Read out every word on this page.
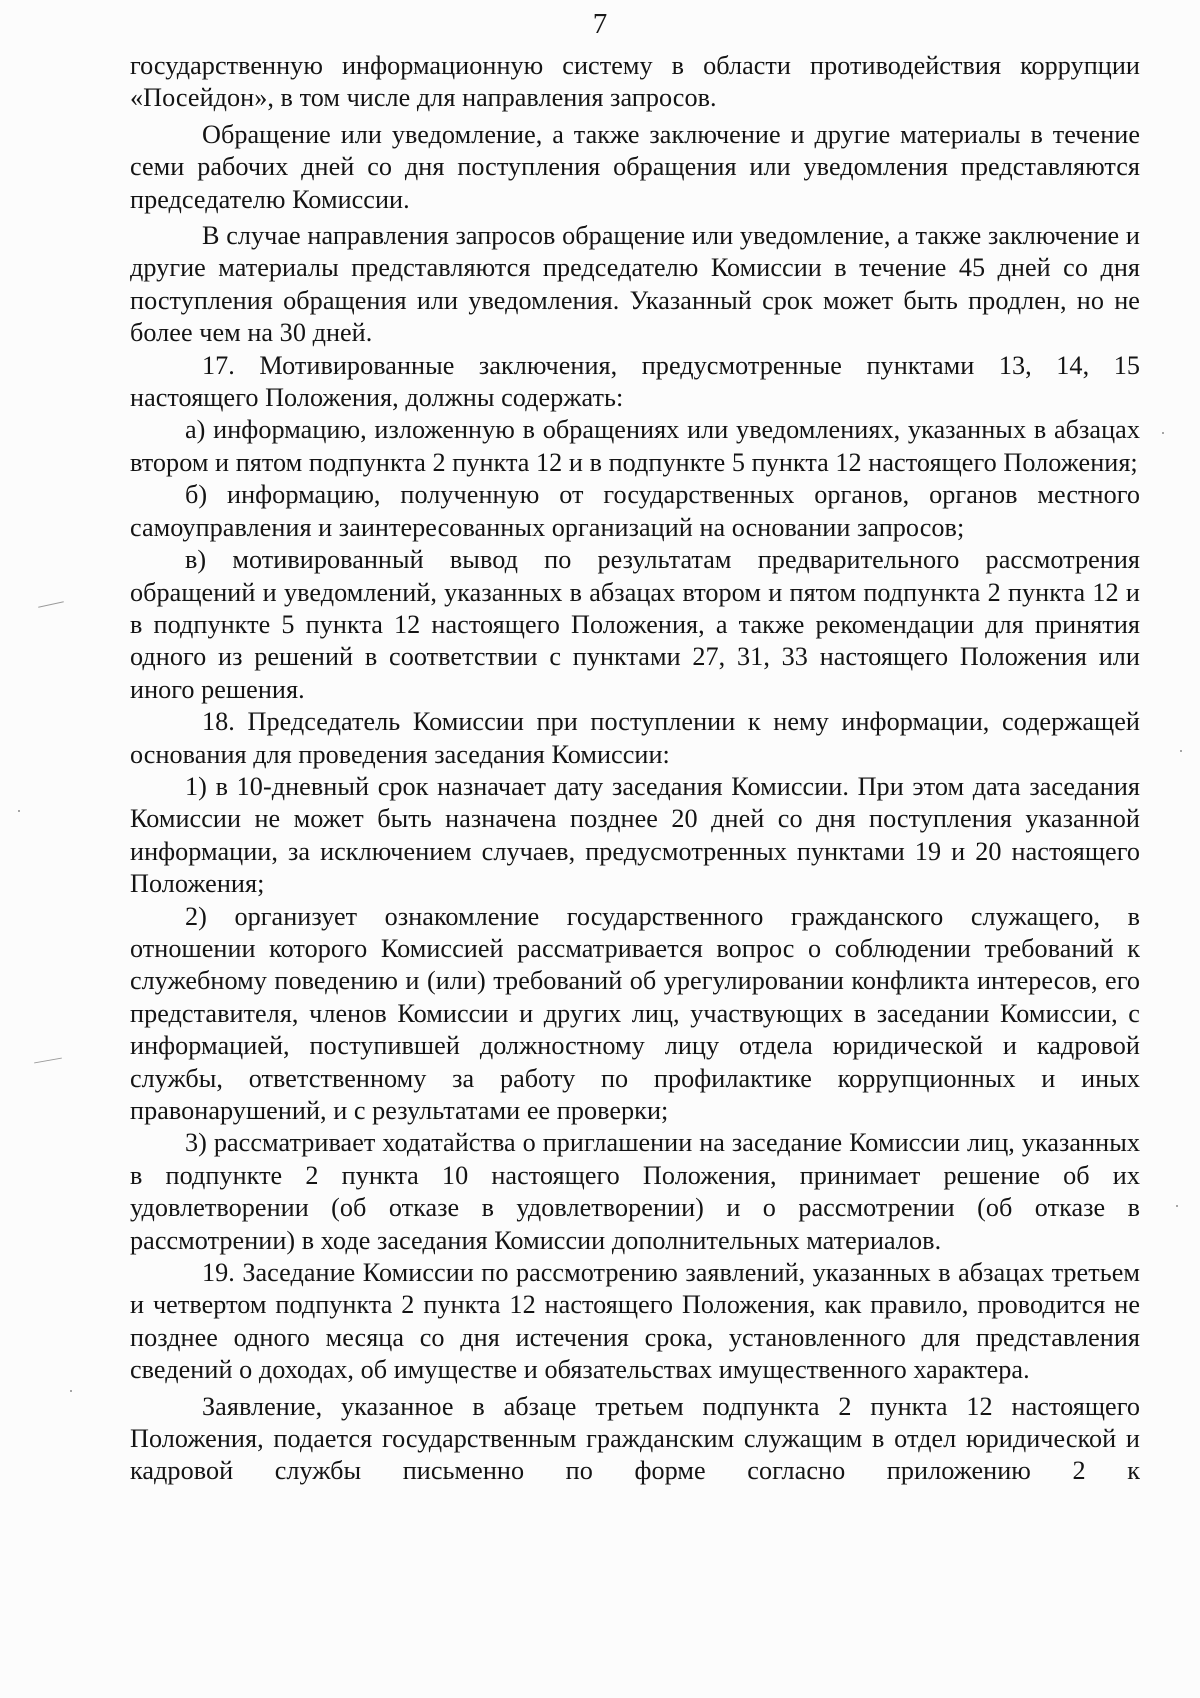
7

государственную информационную систему в области противодействия коррупции «Посейдон», в том числе для направления запросов.

Обращение или уведомление, а также заключение и другие материалы в течение семи рабочих дней со дня поступления обращения или уведомления представляются председателю Комиссии.

В случае направления запросов обращение или уведомление, а также заключение и другие материалы представляются председателю Комиссии в течение 45 дней со дня поступления обращения или уведомления. Указанный срок может быть продлен, но не более чем на 30 дней.

17. Мотивированные заключения, предусмотренные пунктами 13, 14, 15 настоящего Положения, должны содержать:

а) информацию, изложенную в обращениях или уведомлениях, указанных в абзацах втором и пятом подпункта 2 пункта 12 и в подпункте 5 пункта 12 настоящего Положения;

б) информацию, полученную от государственных органов, органов местного самоуправления и заинтересованных организаций на основании запросов;

в) мотивированный вывод по результатам предварительного рассмотрения обращений и уведомлений, указанных в абзацах втором и пятом подпункта 2 пункта 12 и в подпункте 5 пункта 12 настоящего Положения, а также рекомендации для принятия одного из решений в соответствии с пунктами 27, 31, 33 настоящего Положения или иного решения.

18. Председатель Комиссии при поступлении к нему информации, содержащей основания для проведения заседания Комиссии:

1) в 10-дневный срок назначает дату заседания Комиссии. При этом дата заседания Комиссии не может быть назначена позднее 20 дней со дня поступления указанной информации, за исключением случаев, предусмотренных пунктами 19 и 20 настоящего Положения;

2) организует ознакомление государственного гражданского служащего, в отношении которого Комиссией рассматривается вопрос о соблюдении требований к служебному поведению и (или) требований об урегулировании конфликта интересов, его представителя, членов Комиссии и других лиц, участвующих в заседании Комиссии, с информацией, поступившей должностному лицу отдела юридической и кадровой службы, ответственному за работу по профилактике коррупционных и иных правонарушений, и с результатами ее проверки;

3) рассматривает ходатайства о приглашении на заседание Комиссии лиц, указанных в подпункте 2 пункта 10 настоящего Положения, принимает решение об их удовлетворении (об отказе в удовлетворении) и о рассмотрении (об отказе в рассмотрении) в ходе заседания Комиссии дополнительных материалов.

19. Заседание Комиссии по рассмотрению заявлений, указанных в абзацах третьем и четвертом подпункта 2 пункта 12 настоящего Положения, как правило, проводится не позднее одного месяца со дня истечения срока, установленного для представления сведений о доходах, об имуществе и обязательствах имущественного характера.

Заявление, указанное в абзаце третьем подпункта 2 пункта 12 настоящего Положения, подается государственным гражданским служащим в отдел юридической и кадровой службы письменно по форме согласно приложению 2 к
